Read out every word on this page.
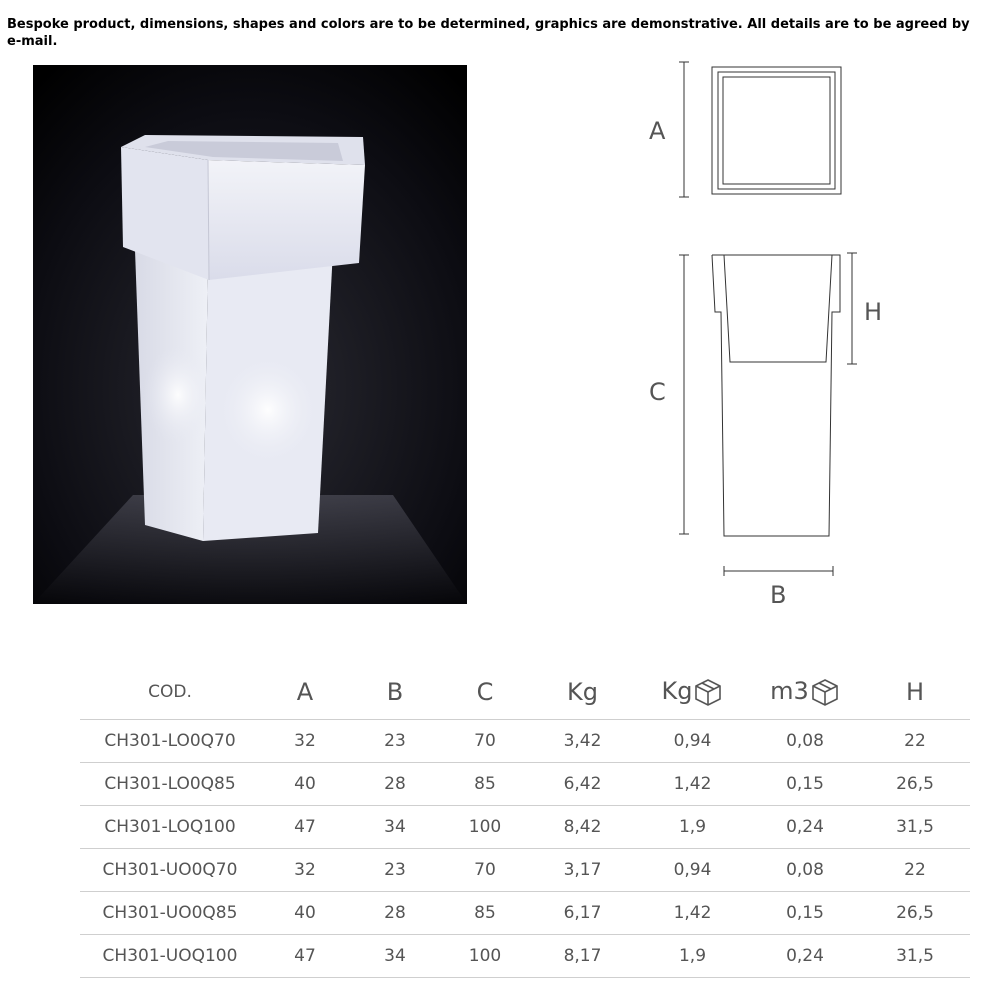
Bespoke product, dimensions, shapes and colors are to be determined, graphics are demonstrative. All details are to be agreed by e-mail.
A
C
H
B
COD.	A	B	C	Kg	Kg	m3	H
CH301-LO0Q70	32	23	70	3,42	0,94	0,08	22
CH301-LO0Q85	40	28	85	6,42	1,42	0,15	26,5
CH301-LOQ100	47	34	100	8,42	1,9	0,24	31,5
CH301-UO0Q70	32	23	70	3,17	0,94	0,08	22
CH301-UO0Q85	40	28	85	6,17	1,42	0,15	26,5
CH301-UOQ100	47	34	100	8,17	1,9	0,24	31,5
